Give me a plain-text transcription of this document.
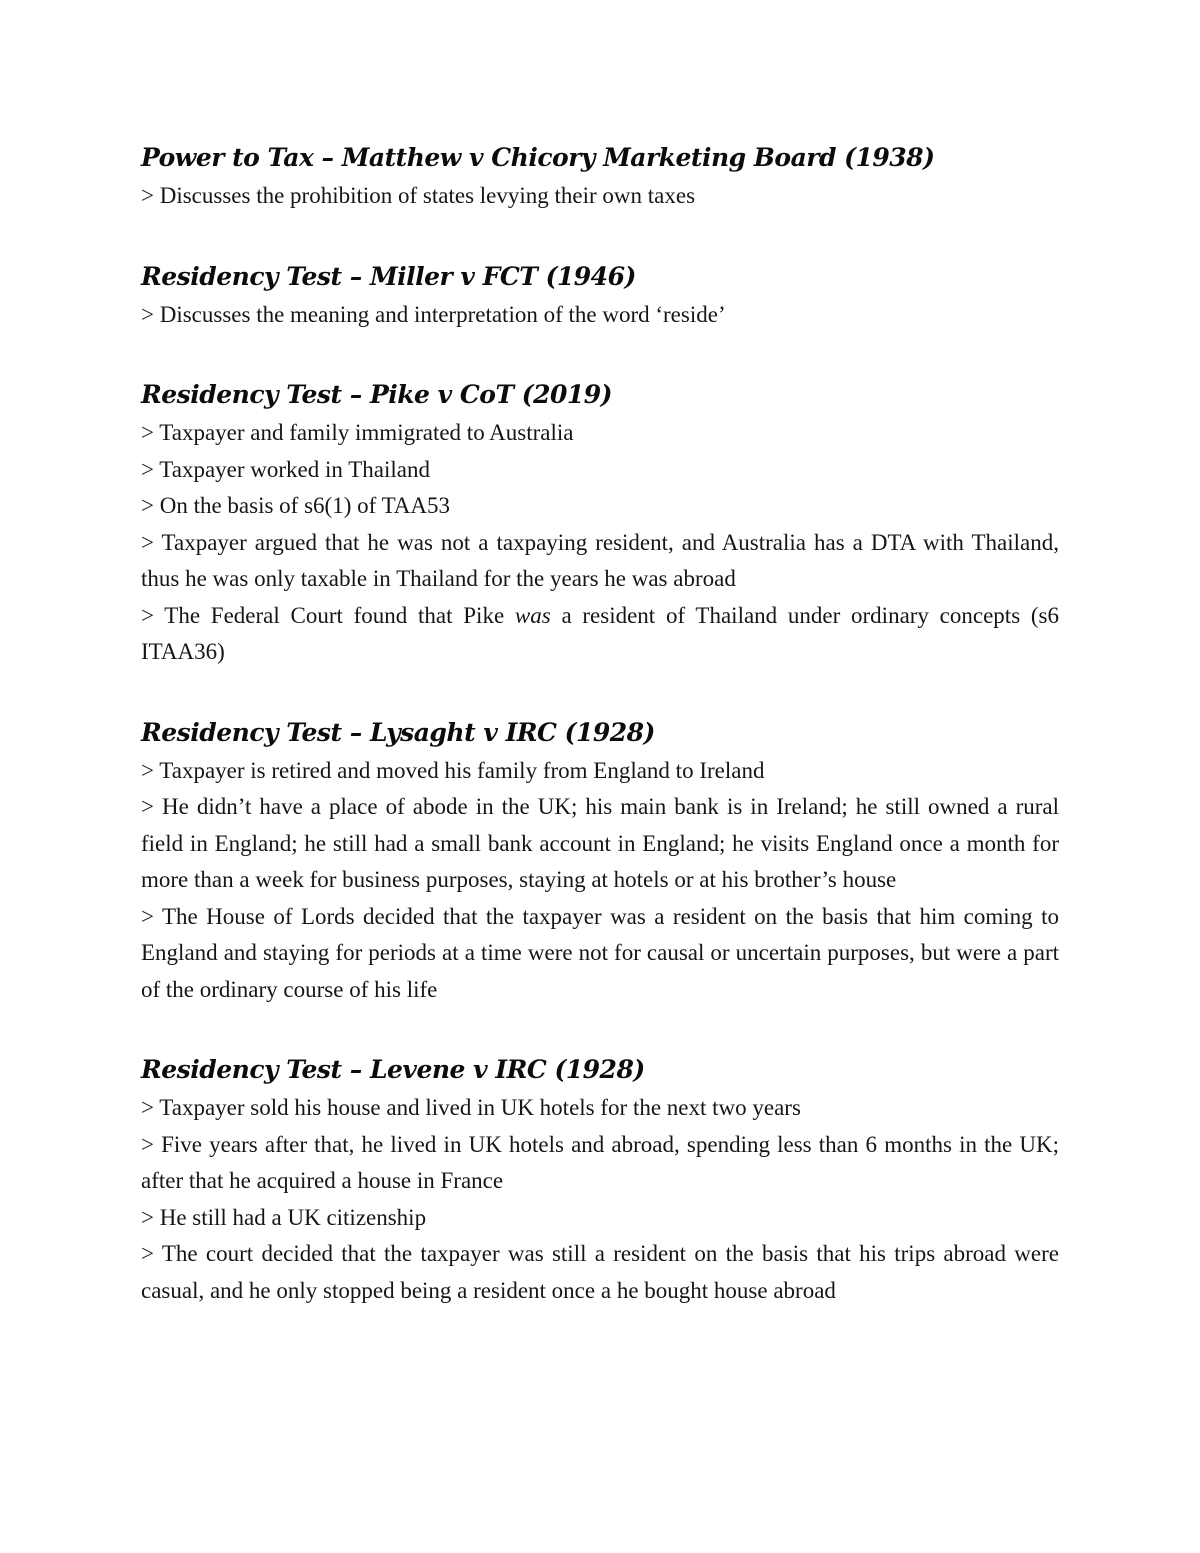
Power to Tax – Matthew v Chicory Marketing Board (1938)

> Discusses the prohibition of states levying their own taxes

Residency Test – Miller v FCT (1946)

> Discusses the meaning and interpretation of the word ‘reside’

Residency Test – Pike v CoT (2019)

> Taxpayer and family immigrated to Australia

> Taxpayer worked in Thailand

> On the basis of s6(1) of TAA53

> Taxpayer argued that he was not a taxpaying resident, and Australia has a DTA with Thailand, thus he was only taxable in Thailand for the years he was abroad

> The Federal Court found that Pike was a resident of Thailand under ordinary concepts (s6 ITAA36)

Residency Test – Lysaght v IRC (1928)

> Taxpayer is retired and moved his family from England to Ireland

> He didn’t have a place of abode in the UK; his main bank is in Ireland; he still owned a rural field in England; he still had a small bank account in England; he visits England once a month for more than a week for business purposes, staying at hotels or at his brother’s house

> The House of Lords decided that the taxpayer was a resident on the basis that him coming to England and staying for periods at a time were not for causal or uncertain purposes, but were a part of the ordinary course of his life

Residency Test – Levene v IRC (1928)

> Taxpayer sold his house and lived in UK hotels for the next two years

> Five years after that, he lived in UK hotels and abroad, spending less than 6 months in the UK; after that he acquired a house in France

> He still had a UK citizenship

> The court decided that the taxpayer was still a resident on the basis that his trips abroad were casual, and he only stopped being a resident once a he bought house abroad
